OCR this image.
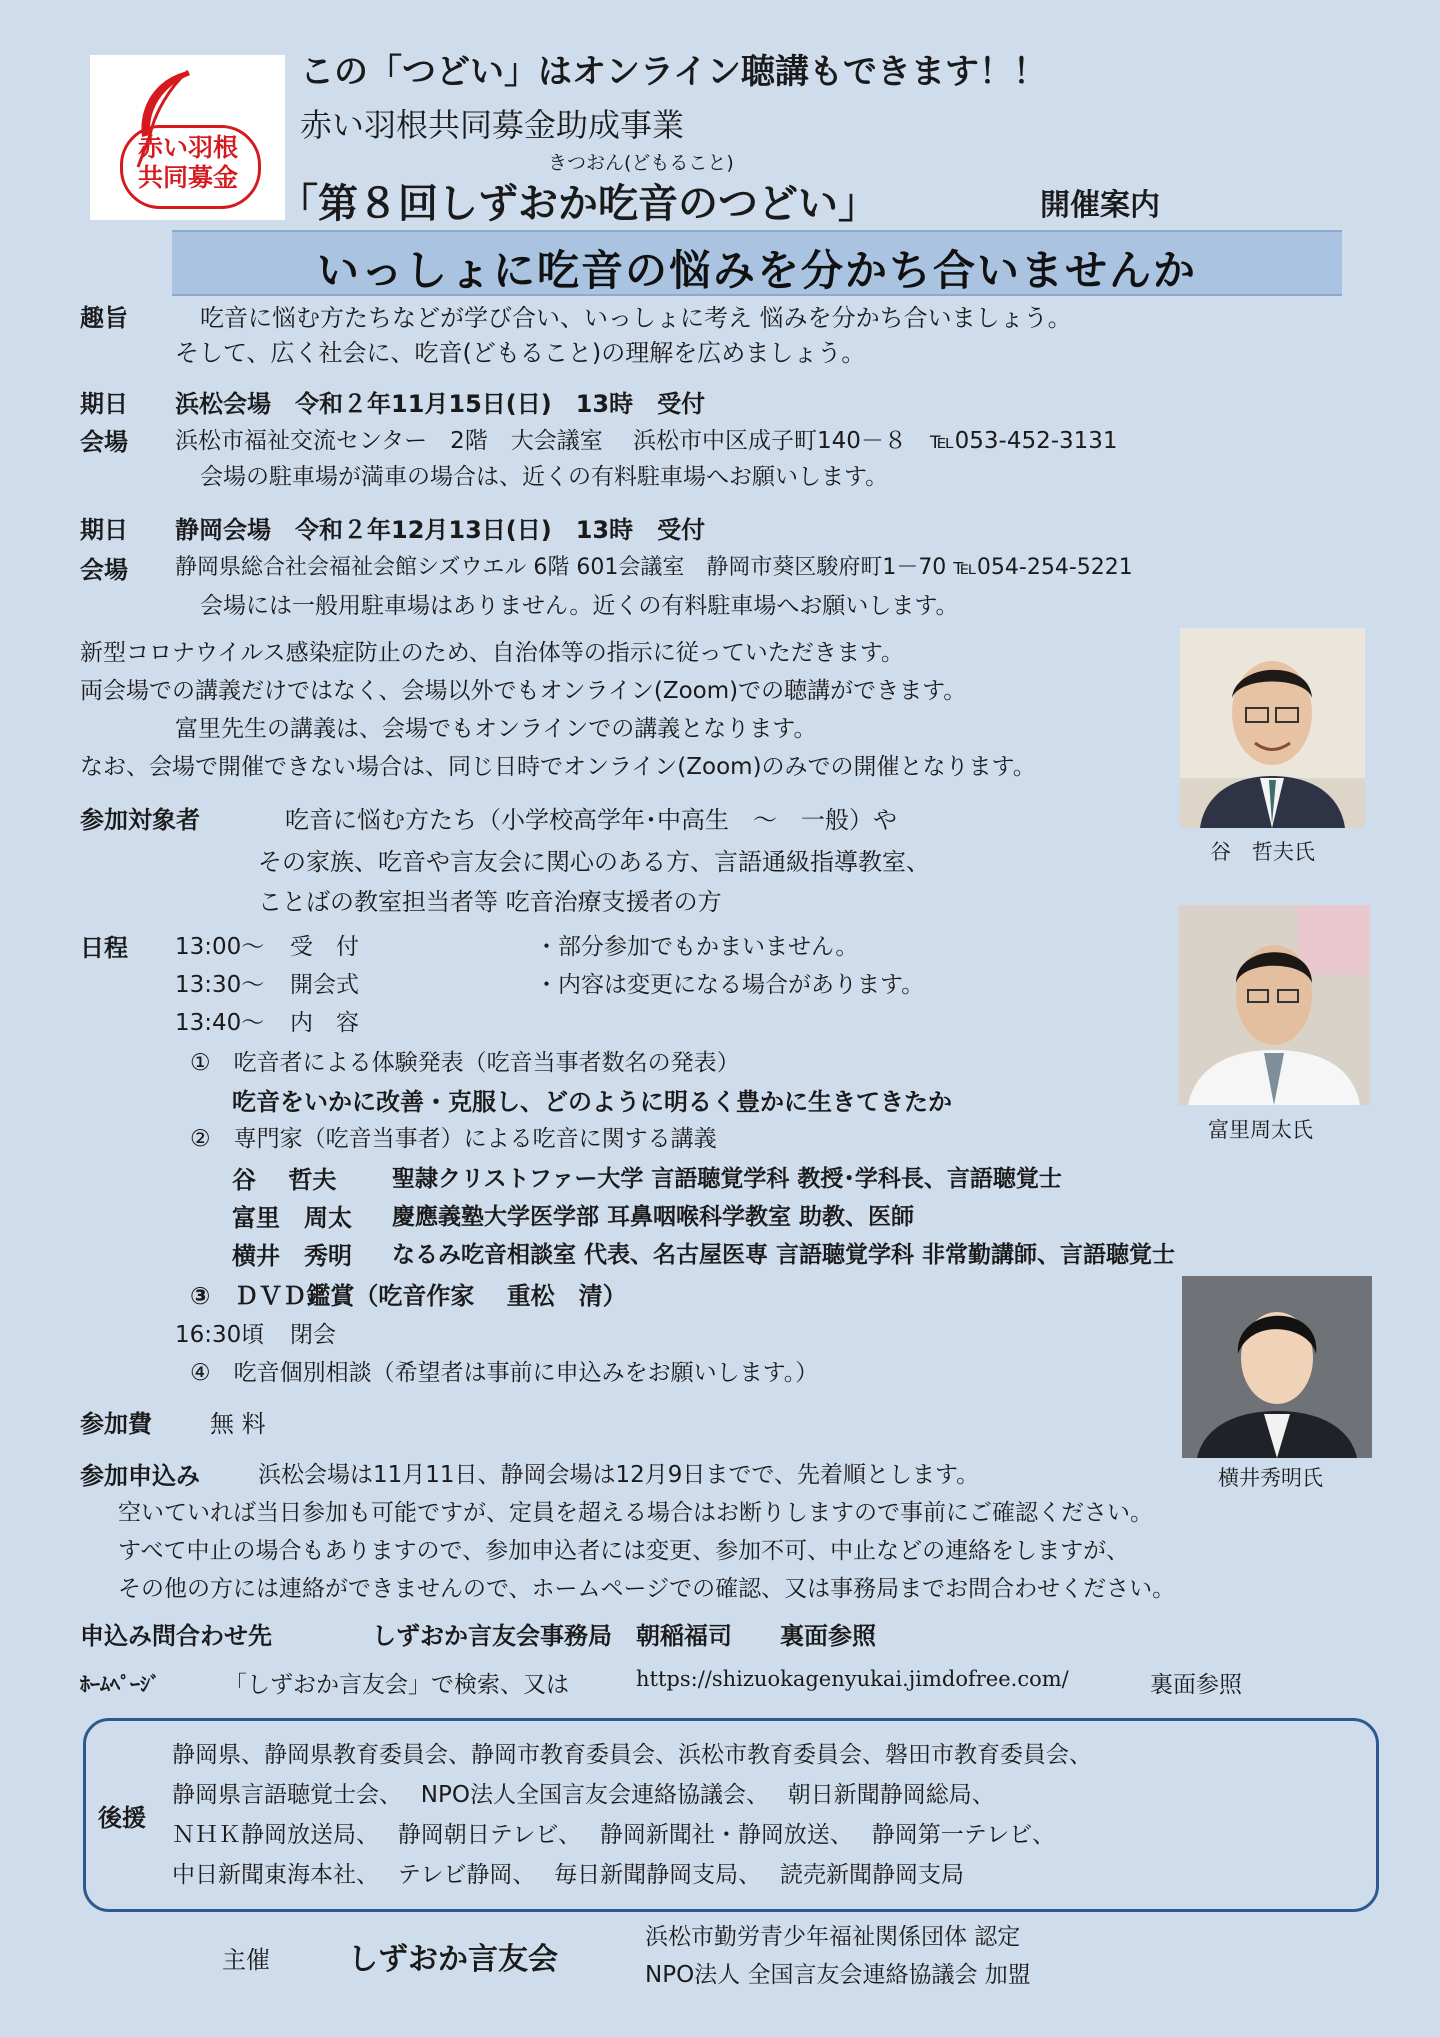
赤い羽根
共同募金
この「つどい」はオンライン聴講もできます！！
赤い羽根共同募金助成事業
きつおん(どもること)
「第８回しずおか吃音のつどい」	開催案内
いっしょに吃音の悩みを分かち合いませんか
趣旨	吃音に悩む方たちなどが学び合い、いっしょに考え 悩みを分かち合いましょう。
そして、広く社会に、吃音(どもること)の理解を広めましょう。
期日 浜松会場　令和２年11月15日(日)　13時　受付
会場 浜松市福祉交流センター　2階　大会議室　 浜松市中区成子町140－８　℡053-452-3131
会場の駐車場が満車の場合は、近くの有料駐車場へお願いします。
期日 静岡会場　令和２年12月13日(日)　13時　受付
会場 静岡県総合社会福祉会館シズウエル 6階 601会議室　静岡市葵区駿府町1－70 ℡054-254-5221
会場には一般用駐車場はありません。近くの有料駐車場へお願いします。
新型コロナウイルス感染症防止のため、自治体等の指示に従っていただきます。
両会場での講義だけではなく、会場以外でもオンライン(Zoom)での聴講ができます。
富里先生の講義は、会場でもオンラインでの講義となります。
なお、会場で開催できない場合は、同じ日時でオンライン(Zoom)のみでの開催となります。
参加対象者	吃音に悩む方たち（小学校高学年･中高生　～　一般）や
その家族、吃音や言友会に関心のある方、言語通級指導教室、
ことばの教室担当者等 吃音治療支援者の方
日程 13:00～ 受　付
13:30～ 開会式
13:40～ 内　容
・部分参加でもかまいません。
・内容は変更になる場合があります。
①　吃音者による体験発表（吃音当事者数名の発表）
吃音をいかに改善・克服し、どのように明るく豊かに生きてきたか
②　専門家（吃音当事者）による吃音に関する講義
谷　 哲夫 聖隷クリストファー大学 言語聴覚学科 教授･学科長、言語聴覚士
富里　周太 慶應義塾大学医学部 耳鼻咽喉科学教室 助教、医師
横井　秀明 なるみ吃音相談室 代表、名古屋医専 言語聴覚学科 非常勤講師、言語聴覚士
③　ＤＶＤ鑑賞（吃音作家　 重松　清）
16:30頃 閉会
④　吃音個別相談（希望者は事前に申込みをお願いします。）
谷　哲夫氏
富里周太氏
横井秀明氏
参加費 無 料
参加申込み	浜松会場は11月11日、静岡会場は12月9日までで、先着順とします。
空いていれば当日参加も可能ですが、定員を超える場合はお断りしますので事前にご確認ください。
すべて中止の場合もありますので、参加申込者には変更、参加不可、中止などの連絡をしますが、
その他の方には連絡ができませんので、ホームページでの確認、又は事務局までお問合わせください。
申込み問合わせ先	しずおか言友会事務局　朝稲福司　　裏面参照
ﾎｰﾑﾍﾟｰｼﾞ	「しずおか言友会」で検索、又は	https://shizuokagenyukai.jimdofree.com/	裏面参照
後援
静岡県、静岡県教育委員会、静岡市教育委員会、浜松市教育委員会、磐田市教育委員会、
静岡県言語聴覚士会、　 NPO法人全国言友会連絡協議会、　 朝日新聞静岡総局、
ＮＨＫ静岡放送局、　 静岡朝日テレビ、　 静岡新聞社・静岡放送、　 静岡第一テレビ、
中日新聞東海本社、　 テレビ静岡、　 毎日新聞静岡支局、　 読売新聞静岡支局
主催	しずおか言友会
浜松市勤労青少年福祉関係団体 認定
NPO法人 全国言友会連絡協議会 加盟
